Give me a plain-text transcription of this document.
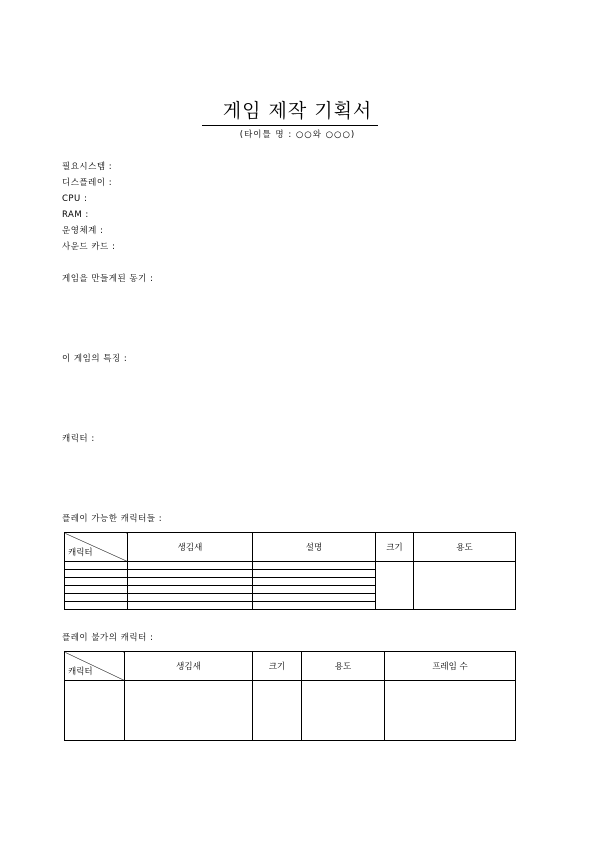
게임 제작 기획서
(타이틀 명 : ○○와 ○○○)
필요시스템 :
디스플레이 :
CPU :
RAM :
운영체계 :
사운드 카드 :
게임을 만들게된 동기 :
이 게임의 특징 :
캐릭터 :
플레이 가능한 캐릭터들 :
캐릭터	생김새	설명	크기	용도

플레이 불가의 캐릭터 :
캐릭터	생김새	크기	용도	프레임 수
